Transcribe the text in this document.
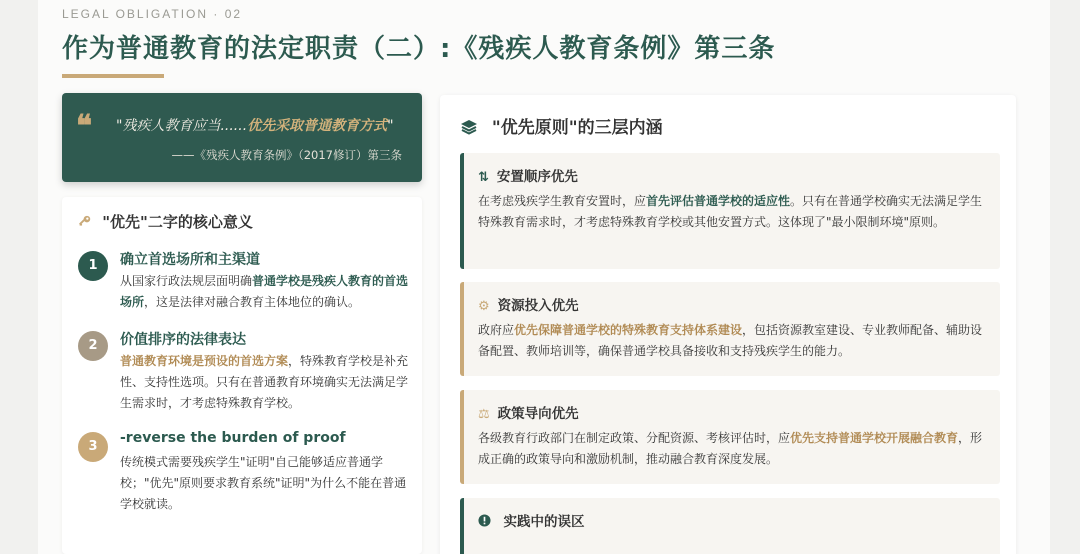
LEGAL OBLIGATION · 02
作为普通教育的法定职责（二）:《残疾人教育条例》第三条
❝ "残疾人教育应当......优先采取普通教育方式"
——《残疾人教育条例》（2017修订）第三条
"优先"二字的核心意义
1	确立首选场所和主渠道
从国家行政法规层面明确普通学校是残疾人教育的首选场所，这是法律对融合教育主体地位的确认。
2	价值排序的法律表达
普通教育环境是预设的首选方案，特殊教育学校是补充性、支持性选项。只有在普通教育环境确实无法满足学生需求时，才考虑特殊教育学校。
3
-reverse the burden of proof
传统模式需要残疾学生"证明"自己能够适应普通学校；"优先"原则要求教育系统"证明"为什么不能在普通学校就读。
"优先原则"的三层内涵
⇅ 安置顺序优先
在考虑残疾学生教育安置时，应首先评估普通学校的适应性。只有在普通学校确实无法满足学生特殊教育需求时，才考虑特殊教育学校或其他安置方式。这体现了"最小限制环境"原则。
⚙ 资源投入优先
政府应优先保障普通学校的特殊教育支持体系建设，包括资源教室建设、专业教师配备、辅助设备配置、教师培训等，确保普通学校具备接收和支持残疾学生的能力。
⚖ 政策导向优先
各级教育行政部门在制定政策、分配资源、考核评估时，应优先支持普通学校开展融合教育，形成正确的政策导向和激励机制，推动融合教育深度发展。
实践中的误区
